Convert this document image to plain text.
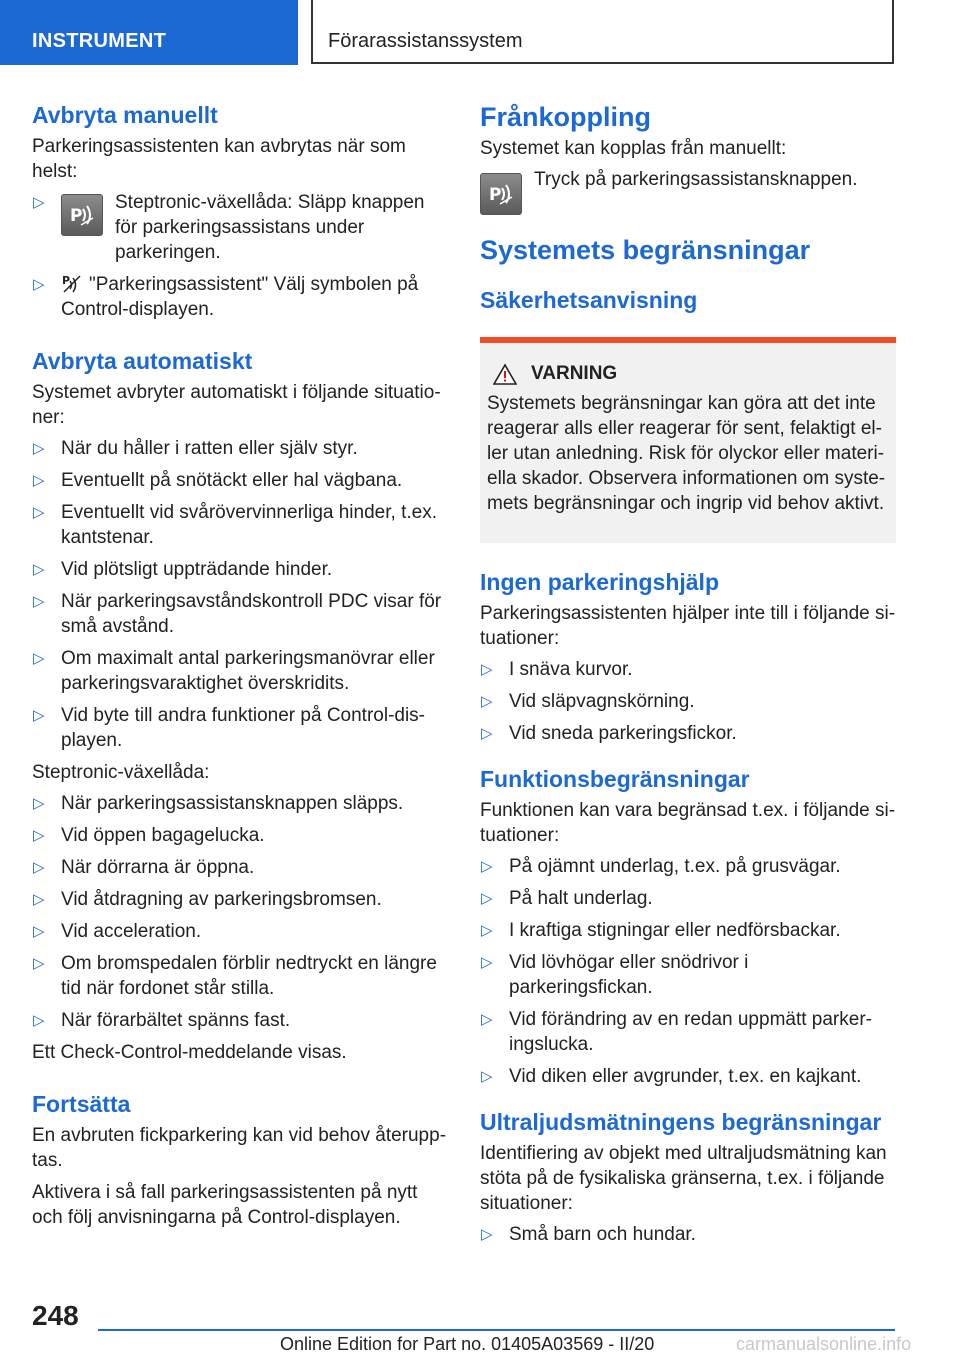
INSTRUMENT	Förarassistanssystem
Avbryta manuellt

Parkeringsassistenten kan avbrytas när som helst:

▷
P
Steptronic-växellåda: Släpp knappen för parkeringsassistans under parkeringen.
▷ P "Parkeringsassistent" Välj symbolen på Control-displayen.
Avbryta automatiskt

Systemet avbryter automatiskt i följande situatio-ner:

▷ När du håller i ratten eller själv styr.
▷ Eventuellt på snötäckt eller hal vägbana.
▷ Eventuellt vid svårövervinnerliga hinder, t.ex. kantstenar.
▷ Vid plötsligt uppträdande hinder.
▷ När parkeringsavståndskontroll PDC visar för små avstånd.
▷ Om maximalt antal parkeringsmanövrar eller parkeringsvaraktighet överskridits.
▷ Vid byte till andra funktioner på Control-dis-playen.

Steptronic-växellåda:

▷ När parkeringsassistansknappen släpps.
▷ Vid öppen bagagelucka.
▷ När dörrarna är öppna.
▷ Vid åtdragning av parkeringsbromsen.
▷ Vid acceleration.
▷ Om bromspedalen förblir nedtryckt en längre tid när fordonet står stilla.
▷ När förarbältet spänns fast.

Ett Check-Control-meddelande visas.

Fortsätta

En avbruten fickparkering kan vid behov återupp-tas.

Aktivera i så fall parkeringsassistenten på nytt och följ anvisningarna på Control-displayen.

Frånkoppling

Systemet kan kopplas från manuellt:

P

Tryck på parkeringsassistansknappen.

Systemets begränsningar
Säkerhetsanvisning
VARNING

Systemets begränsningar kan göra att det inte reagerar alls eller reagerar för sent, felaktigt el-ler utan anledning. Risk för olyckor eller materi-ella skador. Observera informationen om syste-mets begränsningar och ingrip vid behov aktivt.

Ingen parkeringshjälp

Parkeringsassistenten hjälper inte till i följande si-tuationer:

▷ I snäva kurvor.
▷ Vid släpvagnskörning.
▷ Vid sneda parkeringsfickor.
Funktionsbegränsningar

Funktionen kan vara begränsad t.ex. i följande si-tuationer:

▷ På ojämnt underlag, t.ex. på grusvägar.
▷ På halt underlag.
▷ I kraftiga stigningar eller nedförsbackar.
▷ Vid lövhögar eller snödrivor i parkeringsfickan.
▷ Vid förändring av en redan uppmätt parker-ingslucka.
▷ Vid diken eller avgrunder, t.ex. en kajkant.
Ultraljudsmätningens begränsningar

Identifiering av objekt med ultraljudsmätning kan stöta på de fysikaliska gränserna, t.ex. i följande situationer:

▷ Små barn och hundar.
248
Online Edition for Part no. 01405A03569 - II/20	carmanualsonline.info
